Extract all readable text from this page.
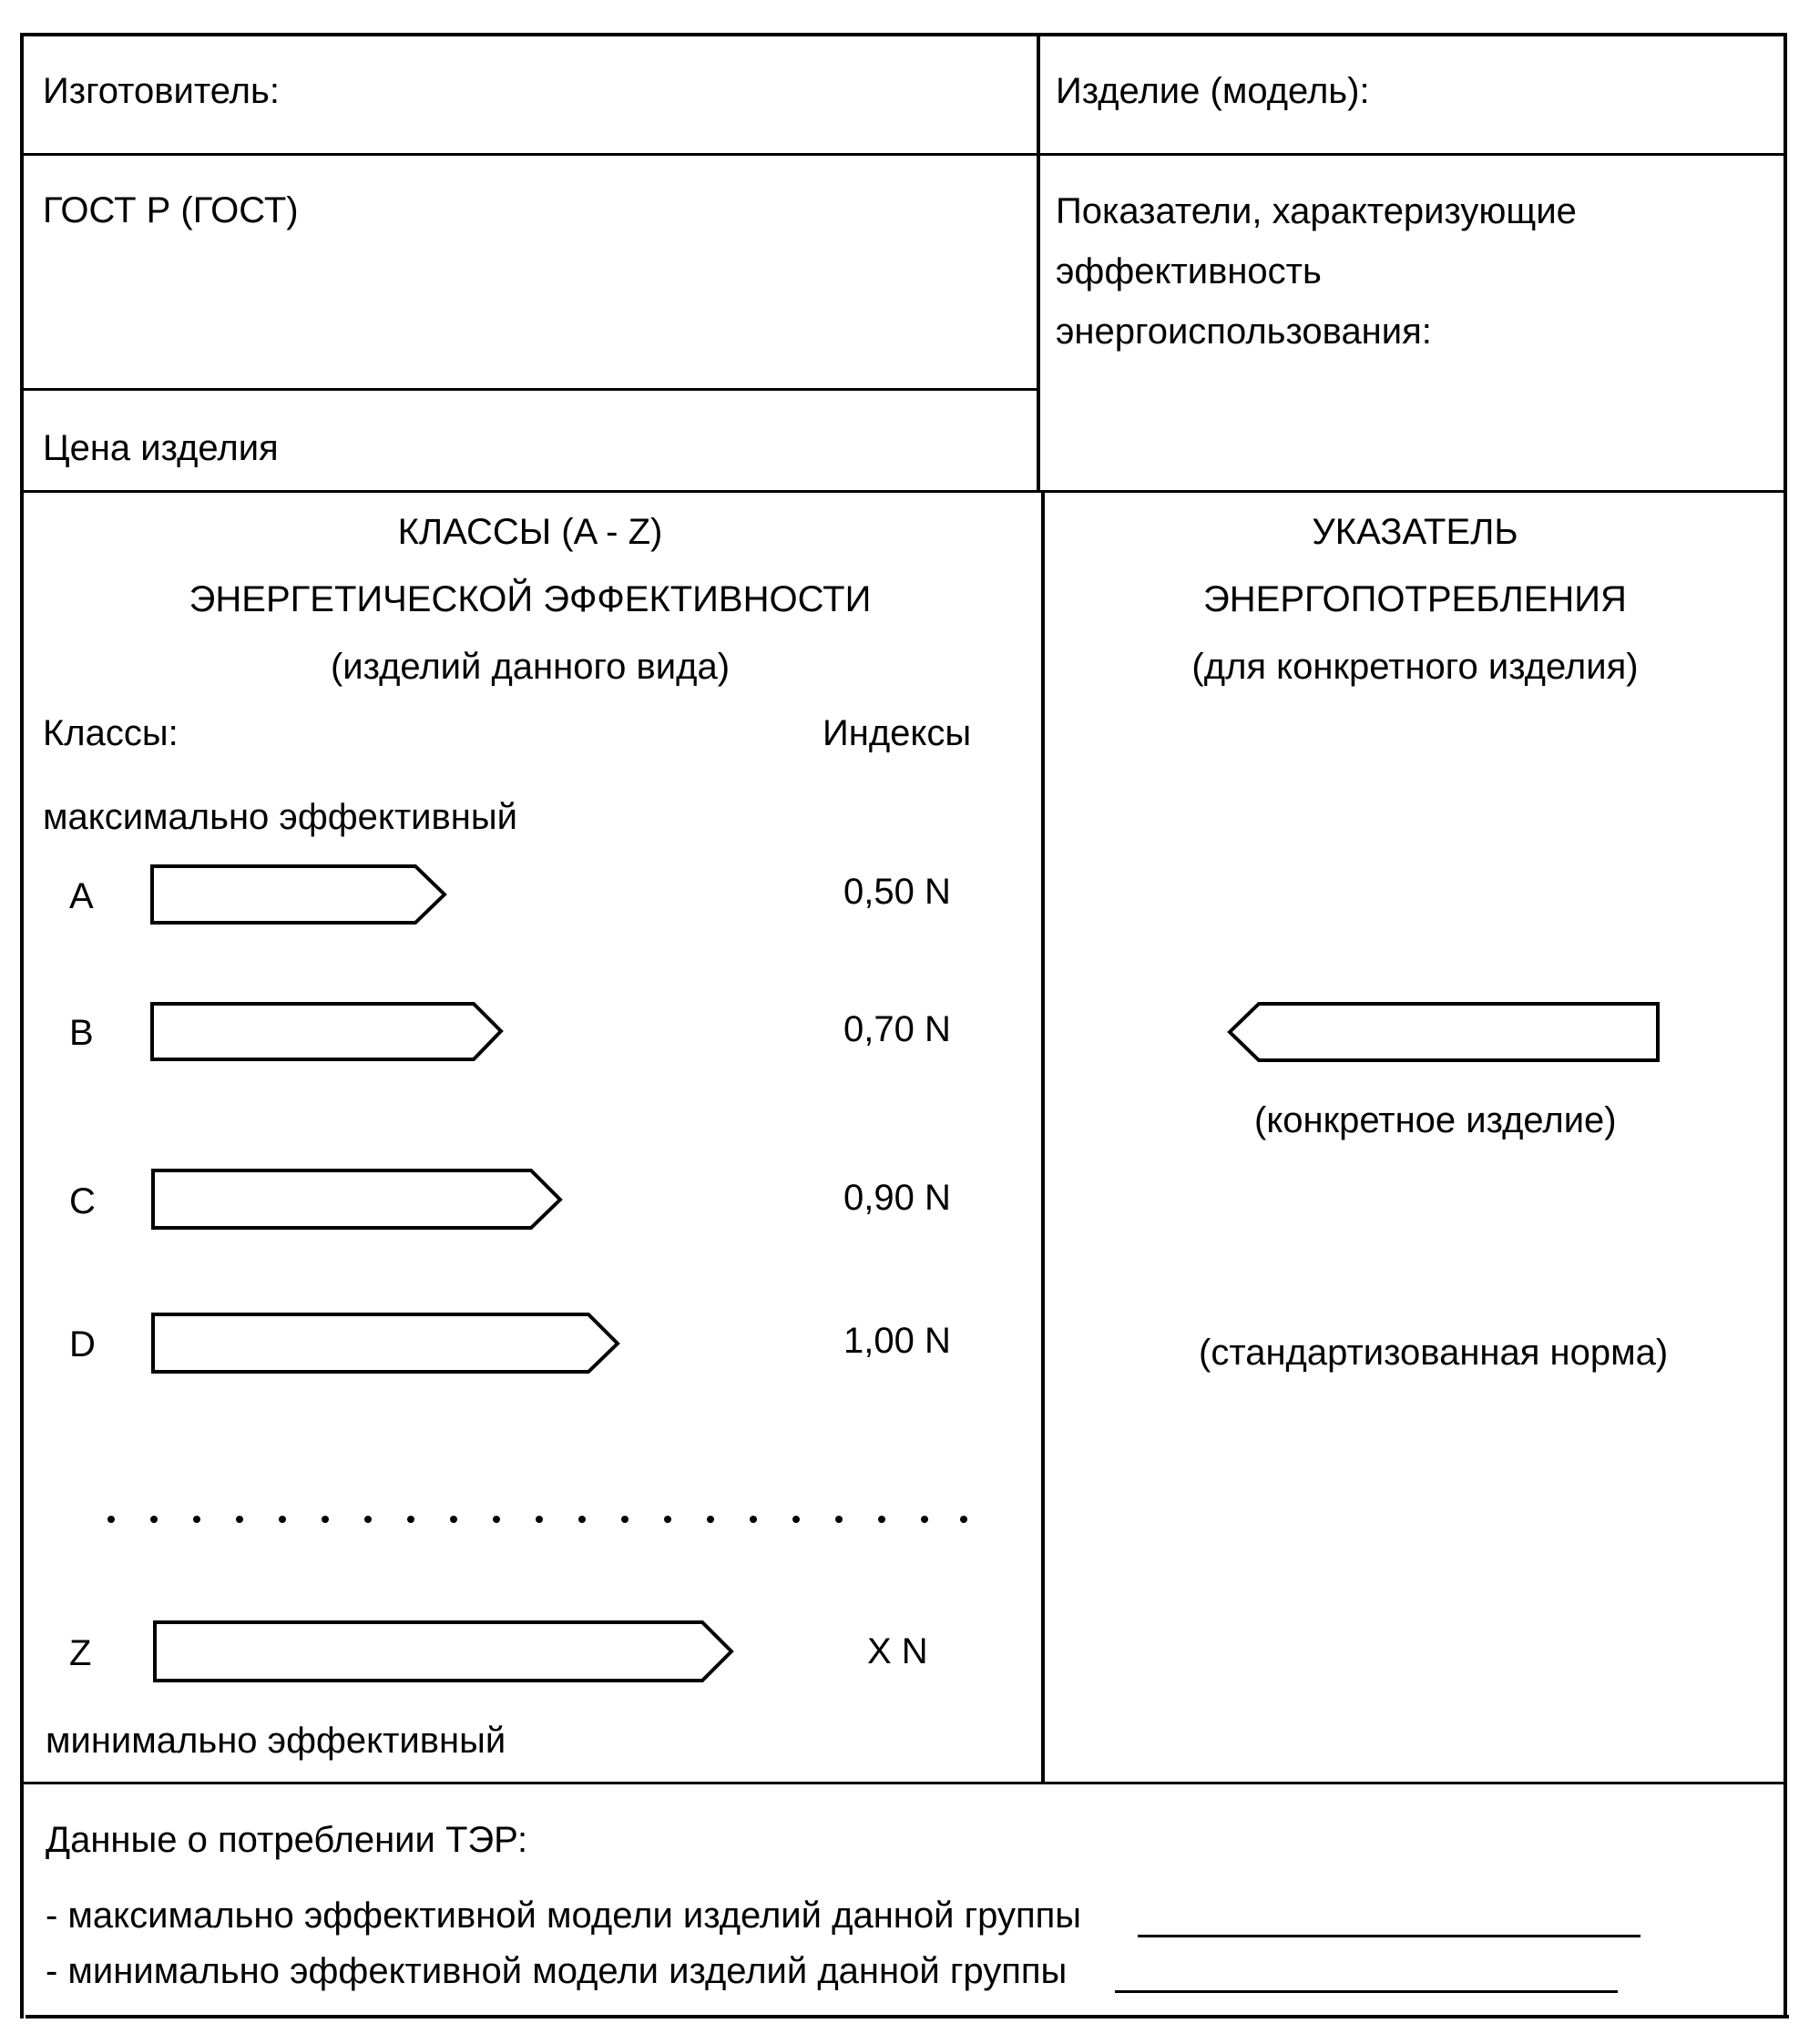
Изготовитель:	Изделие (модель):
ГОСТ Р (ГОСТ)	Показатели, характеризующие
эффективность
энергоиспользования:
Цена изделия
КЛАССЫ (A - Z)
ЭНЕРГЕТИЧЕСКОЙ ЭФФЕКТИВНОСТИ
(изделий данного вида)
Классы:	Индексы
максимально эффективный
A	0,50 N
B	0,70 N
C	0,90 N
D	1,00 N
Z	X N
минимально эффективный
УКАЗАТЕЛЬ
ЭНЕРГОПОТРЕБЛЕНИЯ
(для конкретного изделия)
(конкретное изделие)
(стандартизованная норма)
Данные о потреблении ТЭР:
- максимально эффективной модели изделий данной группы
- минимально эффективной модели изделий данной группы
